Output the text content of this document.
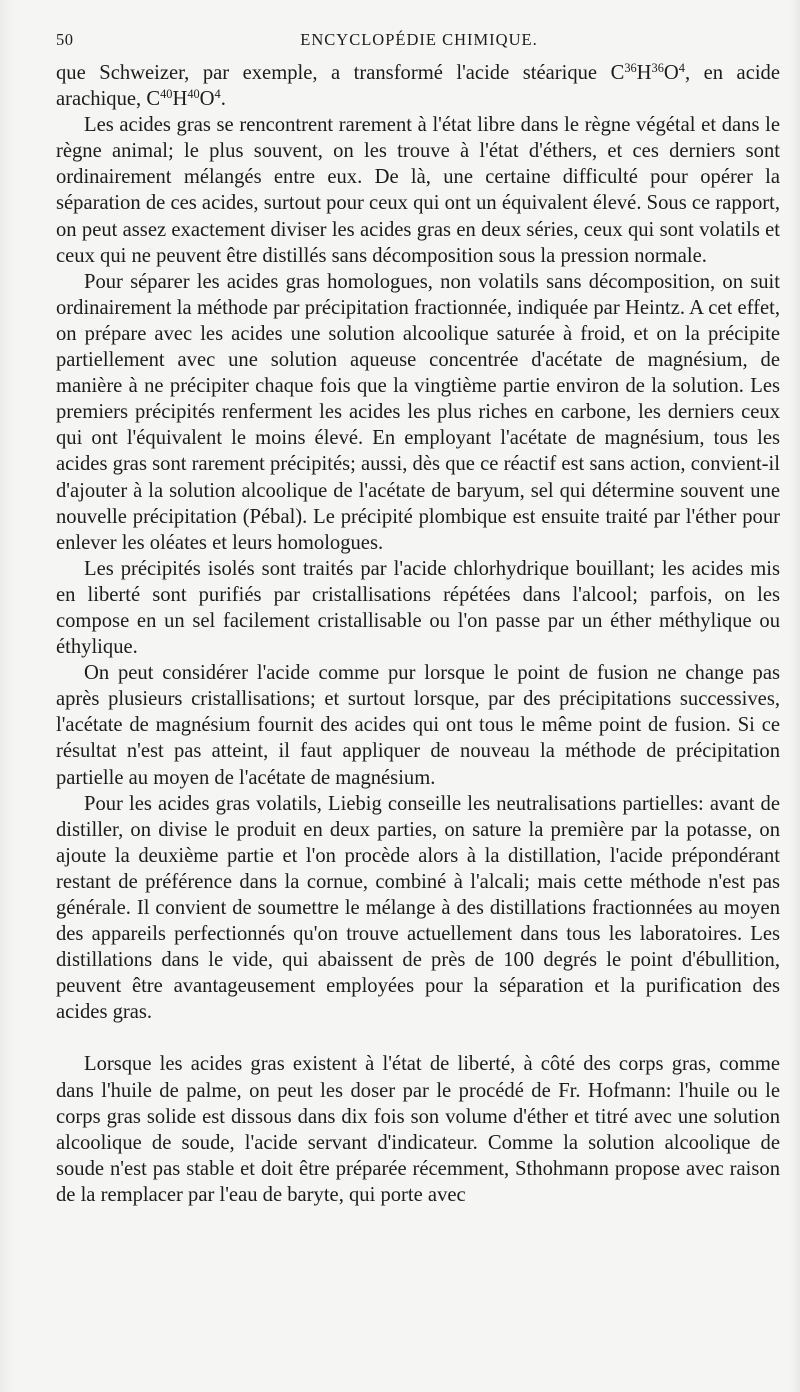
50	ENCYCLOPÉDIE CHIMIQUE.

que Schweizer, par exemple, a transformé l'acide stéarique $C^{36}H^{36}O^4$, en acide arachique, $C^{40}H^{40}O^4$.

Les acides gras se rencontrent rarement à l'état libre dans le règne végétal et dans le règne animal; le plus souvent, on les trouve à l'état d'éthers, et ces derniers sont ordinairement mélangés entre eux. De là, une certaine difficulté pour opérer la séparation de ces acides, surtout pour ceux qui ont un équivalent élevé. Sous ce rapport, on peut assez exactement diviser les acides gras en deux séries, ceux qui sont volatils et ceux qui ne peuvent être distillés sans décomposition sous la pression normale.

Pour séparer les acides gras homologues, non volatils sans décomposition, on suit ordinairement la méthode par précipitation fractionnée, indiquée par Heintz. A cet effet, on prépare avec les acides une solution alcoolique saturée à froid, et on la précipite partiellement avec une solution aqueuse concentrée d'acétate de magnésium, de manière à ne précipiter chaque fois que la vingtième partie environ de la solution. Les premiers précipités renferment les acides les plus riches en carbone, les derniers ceux qui ont l'équivalent le moins élevé. En employant l'acétate de magnésium, tous les acides gras sont rarement précipités; aussi, dès que ce réactif est sans action, convient-il d'ajouter à la solution alcoolique de l'acétate de baryum, sel qui détermine souvent une nouvelle précipitation (Pébal). Le précipité plombique est ensuite traité par l'éther pour enlever les oléates et leurs homologues.

Les précipités isolés sont traités par l'acide chlorhydrique bouillant; les acides mis en liberté sont purifiés par cristallisations répétées dans l'alcool; parfois, on les compose en un sel facilement cristallisable ou l'on passe par un éther méthylique ou éthylique.

On peut considérer l'acide comme pur lorsque le point de fusion ne change pas après plusieurs cristallisations; et surtout lorsque, par des précipitations successives, l'acétate de magnésium fournit des acides qui ont tous le même point de fusion. Si ce résultat n'est pas atteint, il faut appliquer de nouveau la méthode de précipitation partielle au moyen de l'acétate de magnésium.

Pour les acides gras volatils, Liebig conseille les neutralisations partielles: avant de distiller, on divise le produit en deux parties, on sature la première par la potasse, on ajoute la deuxième partie et l'on procède alors à la distillation, l'acide prépondérant restant de préférence dans la cornue, combiné à l'alcali; mais cette méthode n'est pas générale. Il convient de soumettre le mélange à des distillations fractionnées au moyen des appareils perfectionnés qu'on trouve actuellement dans tous les laboratoires. Les distillations dans le vide, qui abaissent de près de 100 degrés le point d'ébullition, peuvent être avantageusement employées pour la séparation et la purification des acides gras.

Lorsque les acides gras existent à l'état de liberté, à côté des corps gras, comme dans l'huile de palme, on peut les doser par le procédé de Fr. Hofmann: l'huile ou le corps gras solide est dissous dans dix fois son volume d'éther et titré avec une solution alcoolique de soude, l'acide servant d'indicateur. Comme la solution alcoolique de soude n'est pas stable et doit être préparée récemment, Sthohmann propose avec raison de la remplacer par l'eau de baryte, qui porte avec
